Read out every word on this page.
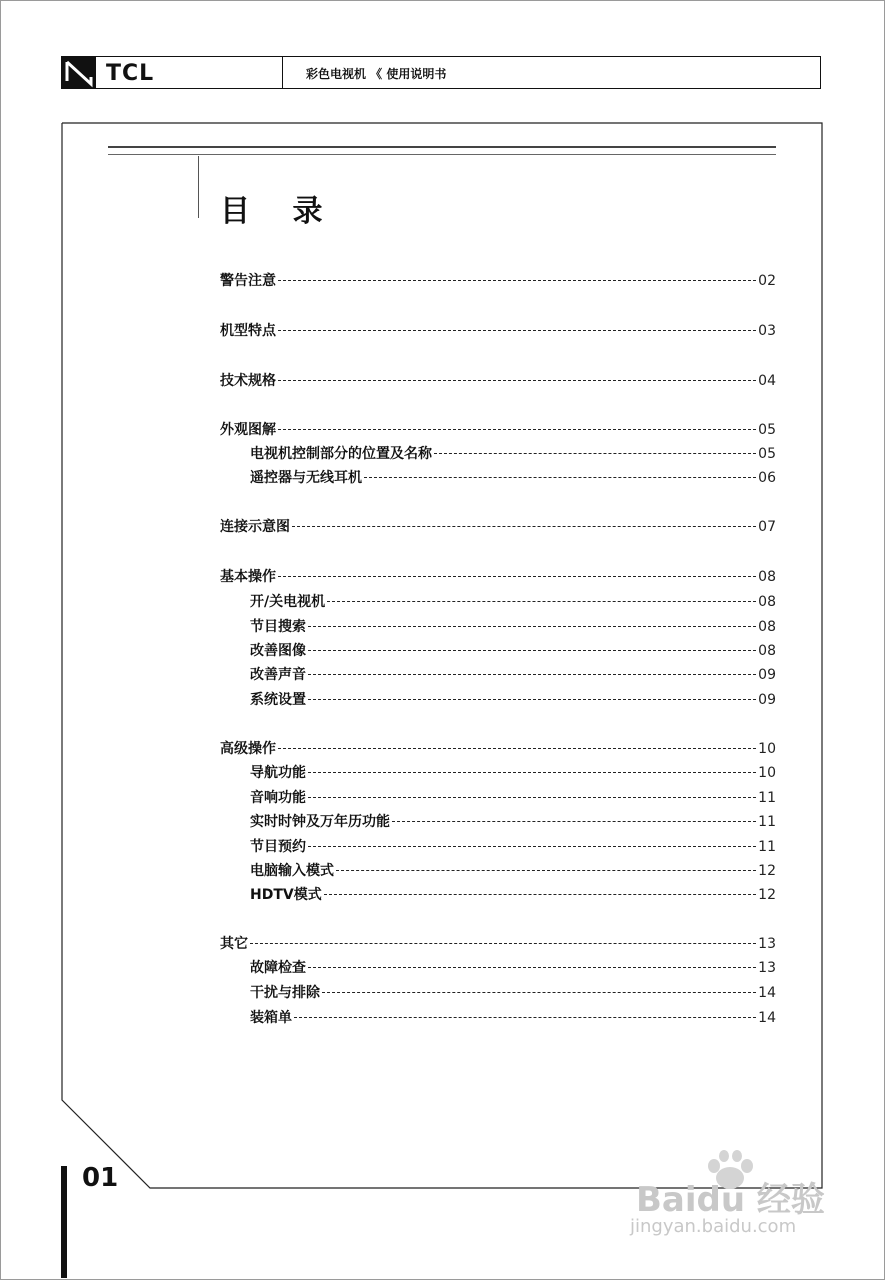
TCL	彩色电视机 《 使用说明书
目 录
警告注意	02
机型特点	03
技术规格	04
外观图解	05
电视机控制部分的位置及名称	05
遥控器与无线耳机	06
连接示意图	07
基本操作	08
开/关电视机	08
节目搜索	08
改善图像	08
改善声音	09
系统设置	09
高级操作	10
导航功能	10
音响功能	11
实时时钟及万年历功能	11
节目预约	11
电脑输入模式	12
HDTV模式	12
其它	13
故障检查	13
干扰与排除	14
装箱单	14
01
Baidu 经验
jingyan.baidu.com
